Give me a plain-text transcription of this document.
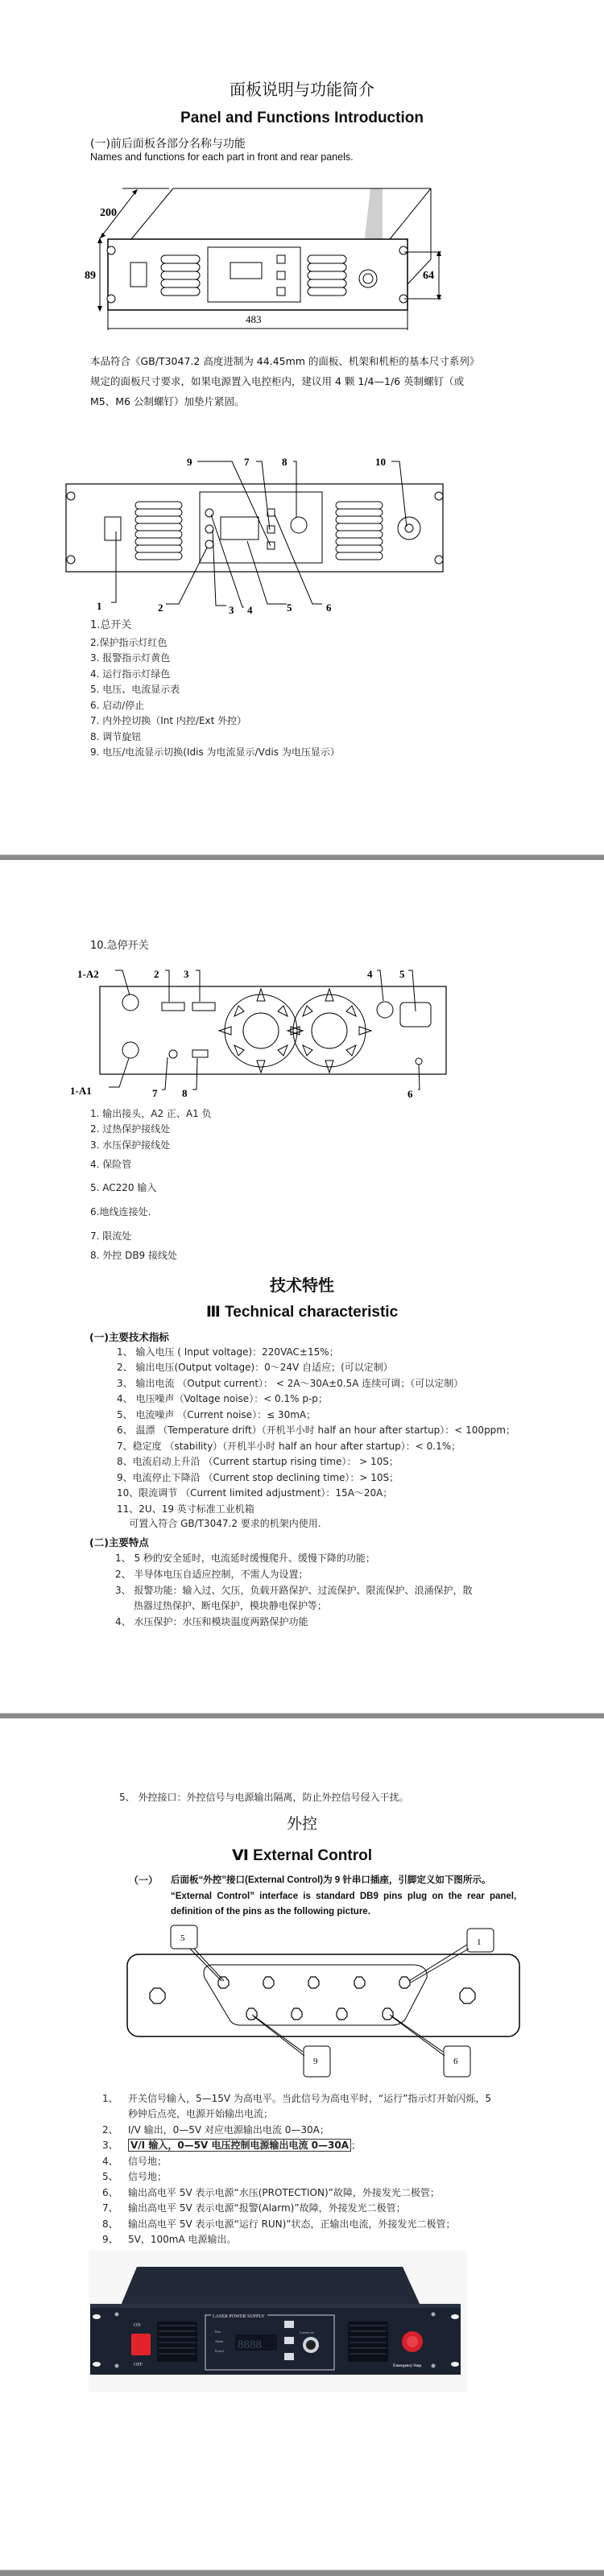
面板说明与功能简介
Panel and Functions Introduction
(一)前后面板各部分名称与功能
Names and functions for each part in front and rear panels.
200
89
483
64
本品符合《GB/T3047.2 高度进制为 44.45mm 的面板、机架和机柜的基本尺寸系列》
规定的面板尺寸要求，如果电源置入电控柜内，建议用 4 颗 1/4—1/6 英制螺钉（或
M5、M6 公制螺钉）加垫片紧固。
1	2	3 4	5	6
7	8
9	10
1.总开关
2.保护指示灯红色
3. 报警指示灯黄色
4. 运行指示灯绿色
5. 电压、电流显示表
6. 启动/停止
7. 内外控切换（Int 内控/Ext 外控）
8. 调节旋钮
9. 电压/电流显示切换(Idis 为电流显示/Vdis 为电压显示）
10.急停开关
1-A2	2 3	4	5
1-A1	7 8	6
1. 输出接头，A2 正、A1 负
2. 过热保护接线处
3. 水压保护接线处
4. 保险管
5. AC220 输入
6.地线连接处.
7. 限流处
8. 外控 DB9 接线处
技术特性
Ⅲ Technical characteristic
(一)主要技术指标
1、 输入电压 ( Input voltage)：220VAC±15%；
2、 输出电压(Output voltage)：0～24V 自适应；(可以定制）
3、 输出电流 （Output current）： < 2A～30A±0.5A 连续可调；（可以定制）
4、 电压噪声（Voltage noise）：< 0.1% p-p；
5、 电流噪声 （Current noise）：≤ 30mA；
6、 温漂 （Temperature drift）（开机半小时 half an hour after startup）：< 100ppm；
7、稳定度 （stability）（开机半小时 half an hour after startup）：< 0.1%；
8、电流启动上升沿 （Current startup rising time）： > 10S；
9、电流停止下降沿 （Current stop declining time）：> 10S；
10、限流调节 （Current limited adjustment）：15A～20A；
11、2U、19 英寸标准工业机箱
可置入符合 GB/T3047.2 要求的机架内使用.
(二)主要特点
1、 5 秒的安全延时，电流延时缓慢爬升、缓慢下降的功能；
2、 半导体电压自适应控制，不需人为设置；
3、 报警功能：输入过、欠压，负载开路保护、过流保护、限流保护、浪涌保护，散
热器过热保护、断电保护，模块静电保护等；
4、 水压保护：水压和模块温度两路保护功能
5、 外控接口：外控信号与电源输出隔离，防止外控信号侵入干扰。
外控
Ⅵ External Control
（一） 后面板“外控”接口(External Control)为 9 针串口插座，引脚定义如下图所示。
“External Control” interface is standard DB9 pins plug on the rear panel,
definition of the pins as the following picture.
5	1
9	6
1、 开关信号输入，5—15V 为高电平。当此信号为高电平时，“运行”指示灯开始闪烁，5
秒钟后点亮，电源开始输出电流；
2、 I/V 输出，0—5V 对应电源输出电流 0—30A；
3、 V/I 输入，0—5V 电压控制电源输出电流 0—30A ；
4、 信号地；
5、 信号地；
6、 输出高电平 5V 表示电源“水压(PROTECTION)”故障，外接发光二极管；
7、 输出高电平 5V 表示电源“报警(Alarm)”故障，外接发光二极管；
8、 输出高电平 5V 表示电源“运行 RUN)”状态，正输出电流，外接发光二极管；
9、 5V，100mA 电源输出。
ON
OFF
LASER POWER SUPPLY
Run
Alarm
Protect 8888
Current set
Emergency Stop
